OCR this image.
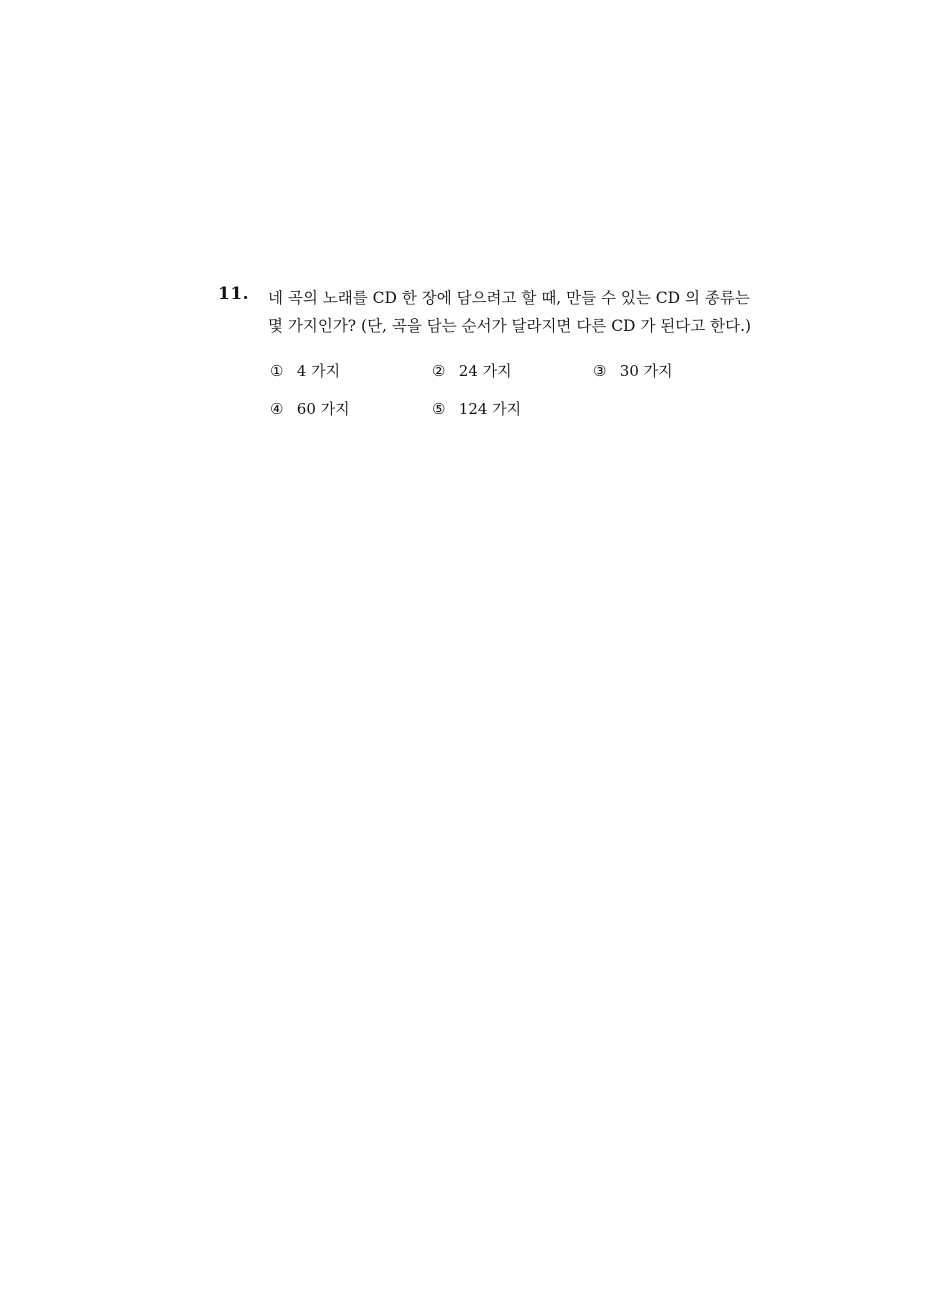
11. 네 곡의 노래를 CD 한 장에 담으려고 할 때, 만들 수 있는 CD 의 종류는
몇 가지인가? (단, 곡을 담는 순서가 달라지면 다른 CD 가 된다고 한다.)
① 4 가지	② 24 가지	③ 30 가지
④ 60 가지	⑤ 124 가지
